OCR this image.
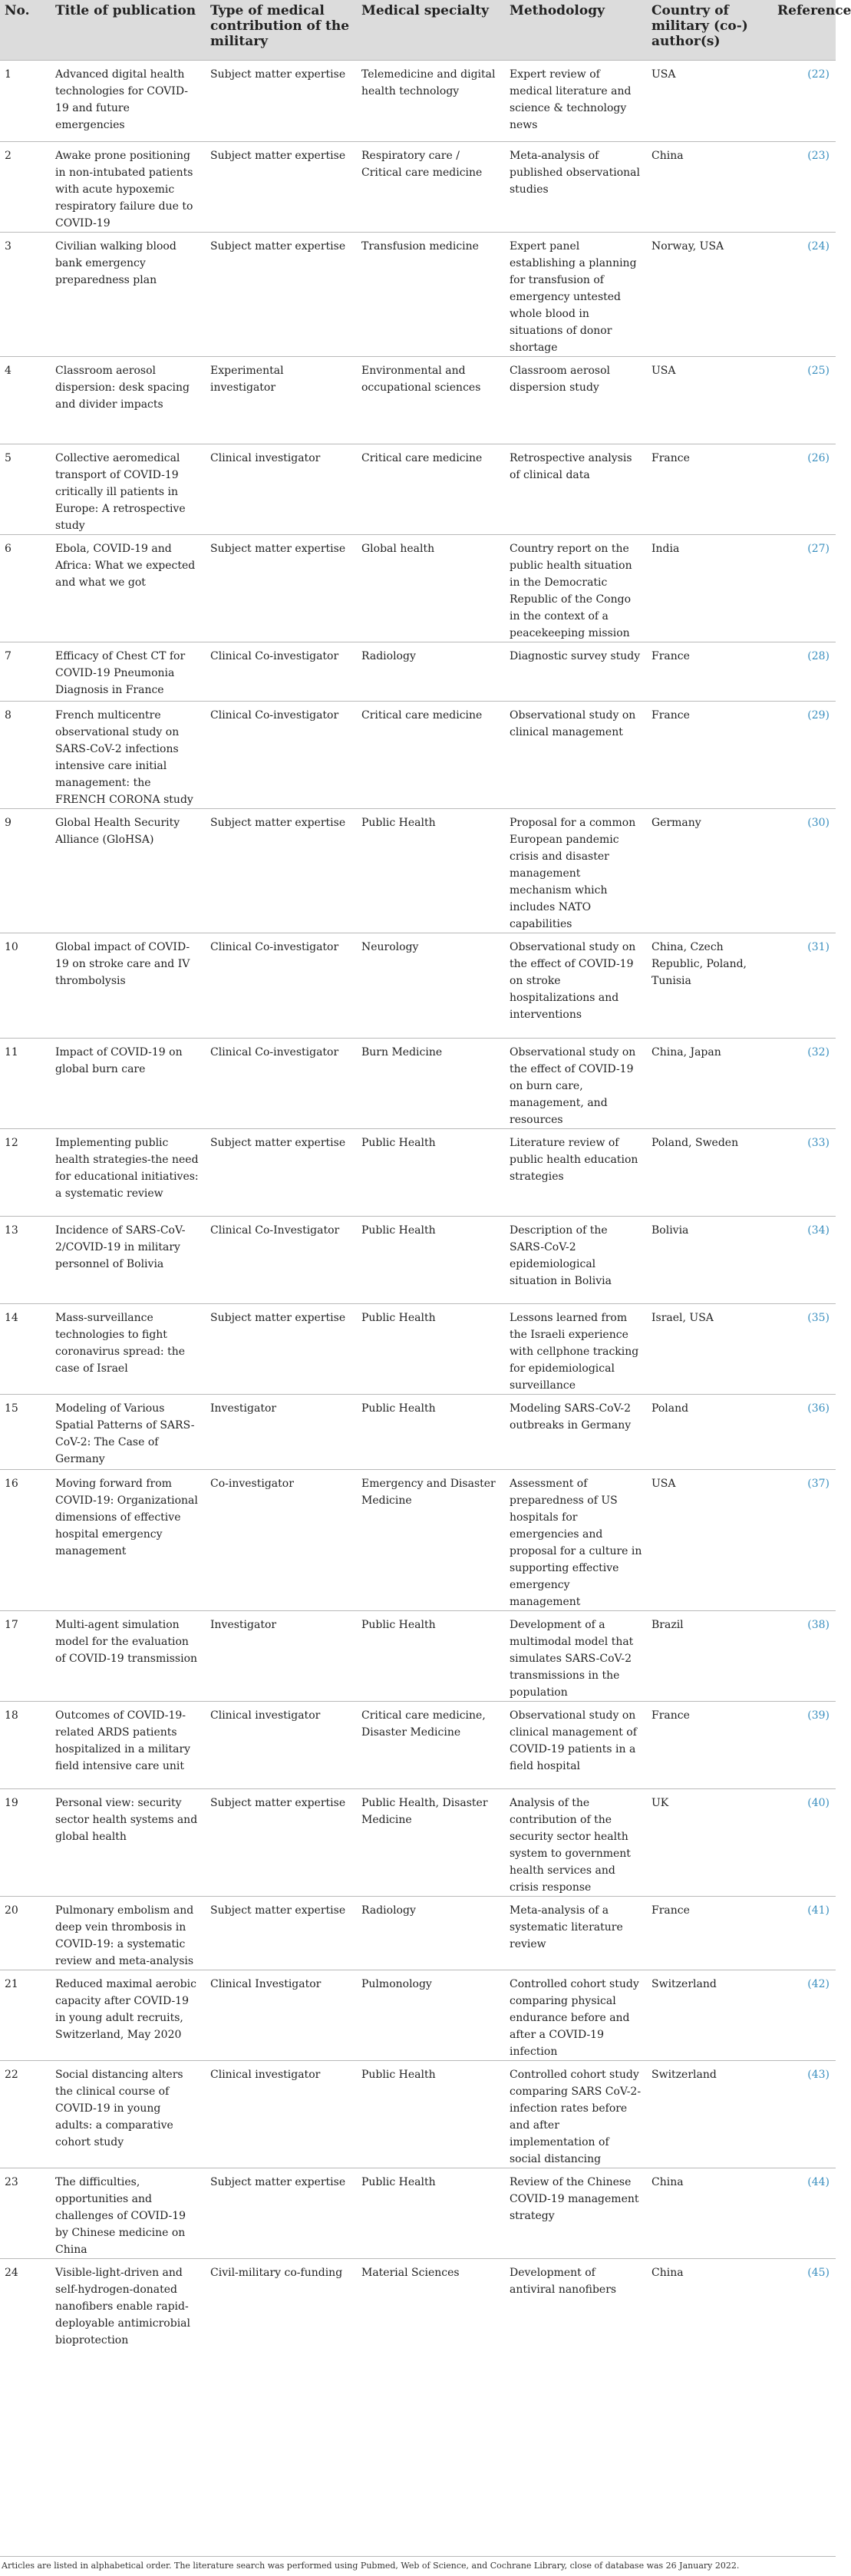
No.	Title of publication	Type of medical contribution of the military	Medical specialty	Methodology	Country of military (co-) author(s)	Reference
1	Advanced digital health technologies for COVID-19 and future emergencies	Subject matter expertise	Telemedicine and digital health technology	Expert review of medical literature and science & technology news	USA	(22)
2	Awake prone positioning in non-intubated patients with acute hypoxemic respiratory failure due to COVID-19	Subject matter expertise	Respiratory care / Critical care medicine	Meta-analysis of published observational studies	China	(23)
3	Civilian walking blood bank emergency preparedness plan	Subject matter expertise	Transfusion medicine	Expert panel establishing a planning for transfusion of emergency untested whole blood in situations of donor shortage	Norway, USA	(24)
4	Classroom aerosol dispersion: desk spacing and divider impacts	Experimental investigator	Environmental and occupational sciences	Classroom aerosol dispersion study	USA	(25)
5	Collective aeromedical transport of COVID-19 critically ill patients in Europe: A retrospective study	Clinical investigator	Critical care medicine	Retrospective analysis of clinical data	France	(26)
6	Ebola, COVID-19 and Africa: What we expected and what we got	Subject matter expertise	Global health	Country report on the public health situation in the Democratic Republic of the Congo in the context of a peacekeeping mission	India	(27)
7	Efficacy of Chest CT for COVID-19 Pneumonia Diagnosis in France	Clinical Co-investigator	Radiology	Diagnostic survey study	France	(28)
8	French multicentre observational study on SARS-CoV-2 infections intensive care initial management: the FRENCH CORONA study	Clinical Co-investigator	Critical care medicine	Observational study on clinical management	France	(29)
9	Global Health Security Alliance (GloHSA)	Subject matter expertise	Public Health	Proposal for a common European pandemic crisis and disaster management mechanism which includes NATO capabilities	Germany	(30)
10	Global impact of COVID-19 on stroke care and IV thrombolysis	Clinical Co-investigator	Neurology	Observational study on the effect of COVID-19 on stroke hospitalizations and interventions	China, Czech Republic, Poland, Tunisia	(31)
11	Impact of COVID-19 on global burn care	Clinical Co-investigator	Burn Medicine	Observational study on the effect of COVID-19 on burn care, management, and resources	China, Japan	(32)
12	Implementing public health strategies-the need for educational initiatives: a systematic review	Subject matter expertise	Public Health	Literature review of public health education strategies	Poland, Sweden	(33)
13	Incidence of SARS-CoV-2/COVID-19 in military personnel of Bolivia	Clinical Co-Investigator	Public Health	Description of the SARS-CoV-2 epidemiological situation in Bolivia	Bolivia	(34)
14	Mass-surveillance technologies to fight coronavirus spread: the case of Israel	Subject matter expertise	Public Health	Lessons learned from the Israeli experience with cellphone tracking for epidemiological surveillance	Israel, USA	(35)
15	Modeling of Various Spatial Patterns of SARS-CoV-2: The Case of Germany	Investigator	Public Health	Modeling SARS-CoV-2 outbreaks in Germany	Poland	(36)
16	Moving forward from COVID-19: Organizational dimensions of effective hospital emergency management	Co-investigator	Emergency and Disaster Medicine	Assessment of preparedness of US hospitals for emergencies and proposal for a culture in supporting effective emergency management	USA	(37)
17	Multi-agent simulation model for the evaluation of COVID-19 transmission	Investigator	Public Health	Development of a multimodal model that simulates SARS-CoV-2 transmissions in the population	Brazil	(38)
18	Outcomes of COVID-19-related ARDS patients hospitalized in a military field intensive care unit	Clinical investigator	Critical care medicine, Disaster Medicine	Observational study on clinical management of COVID-19 patients in a field hospital	France	(39)
19	Personal view: security sector health systems and global health	Subject matter expertise	Public Health, Disaster Medicine	Analysis of the contribution of the security sector health system to government health services and crisis response	UK	(40)
20	Pulmonary embolism and deep vein thrombosis in COVID-19: a systematic review and meta-analysis	Subject matter expertise	Radiology	Meta-analysis of a systematic literature review	France	(41)
21	Reduced maximal aerobic capacity after COVID-19 in young adult recruits, Switzerland, May 2020	Clinical Investigator	Pulmonology	Controlled cohort study comparing physical endurance before and after a COVID-19 infection	Switzerland	(42)
22	Social distancing alters the clinical course of COVID-19 in young adults: a comparative cohort study	Clinical investigator	Public Health	Controlled cohort study comparing SARS CoV-2-infection rates before and after implementation of social distancing	Switzerland	(43)
23	The difficulties, opportunities and challenges of COVID-19 by Chinese medicine on China	Subject matter expertise	Public Health	Review of the Chinese COVID-19 management strategy	China	(44)
24	Visible-light-driven and self-hydrogen-donated nanofibers enable rapid-deployable antimicrobial bioprotection	Civil-military co-funding	Material Sciences	Development of antiviral nanofibers	China	(45)
Articles are listed in alphabetical order. The literature search was performed using Pubmed, Web of Science, and Cochrane Library, close of database was 26 January 2022.
